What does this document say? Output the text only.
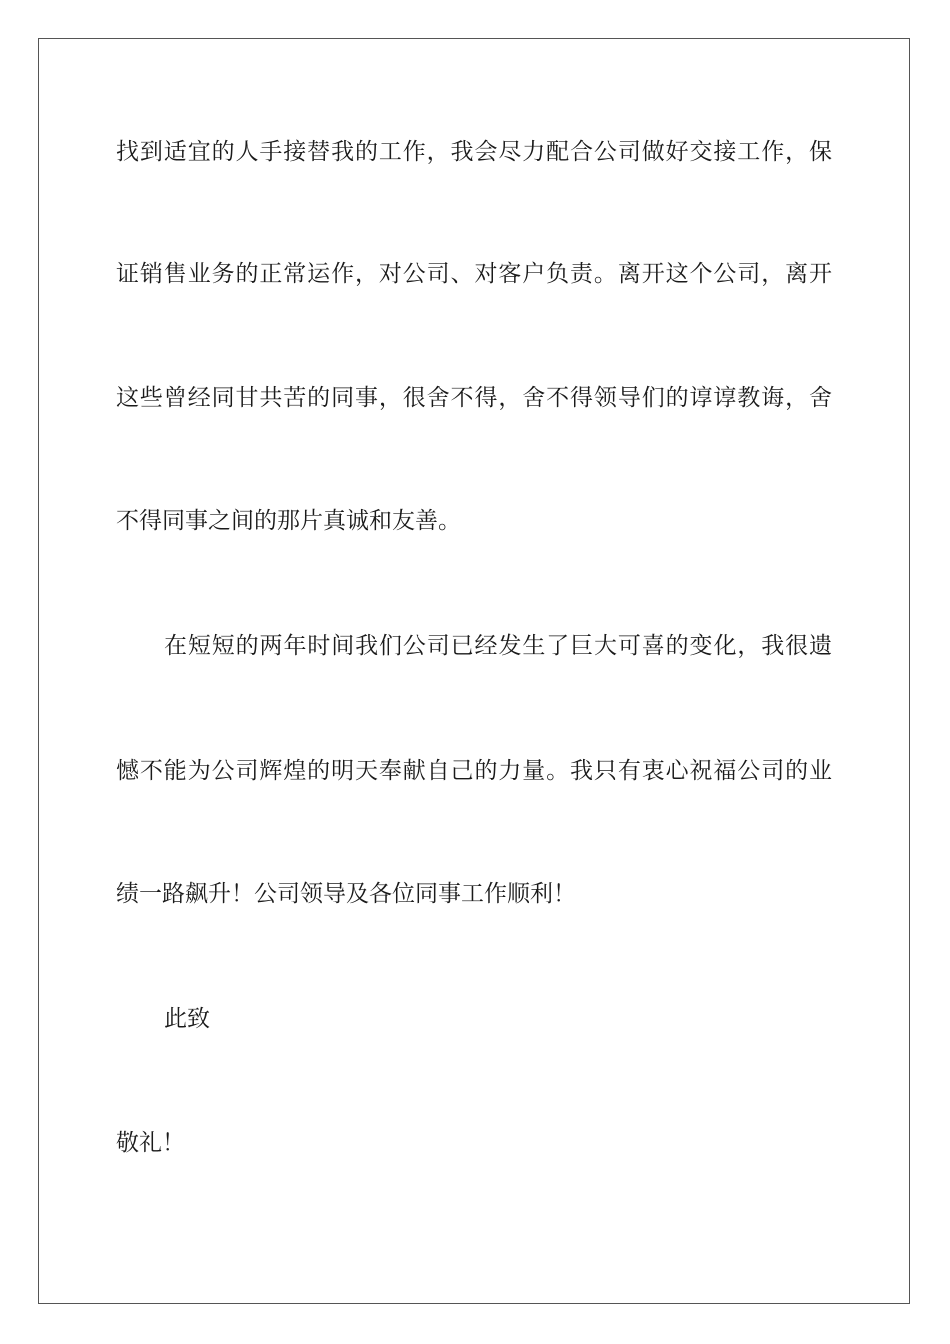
找到适宜的人手接替我的工作，我会尽力配合公司做好交接工作，保
证销售业务的正常运作，对公司、对客户负责。离开这个公司，离开
这些曾经同甘共苦的同事，很舍不得，舍不得领导们的谆谆教诲，舍
不得同事之间的那片真诚和友善。
在短短的两年时间我们公司已经发生了巨大可喜的变化，我很遗
憾不能为公司辉煌的明天奉献自己的力量。我只有衷心祝福公司的业
绩一路飙升！公司领导及各位同事工作顺利！
此致
敬礼！
